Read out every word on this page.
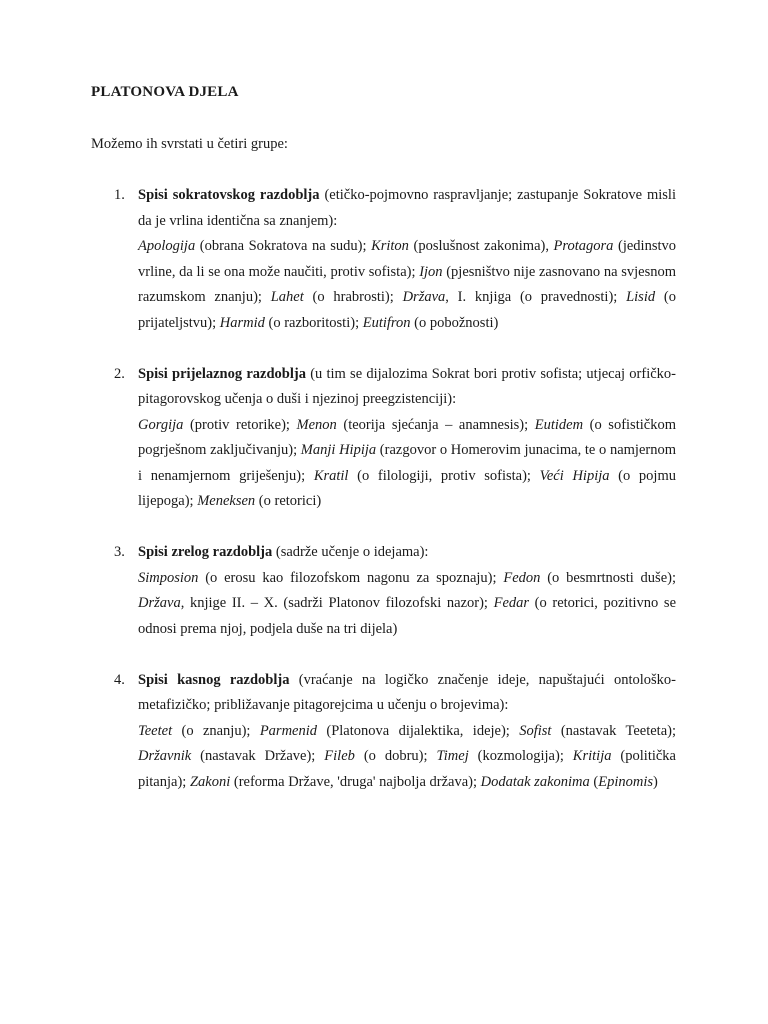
PLATONOVA DJELA

Možemo ih svrstati u četiri grupe:

1. Spisi sokratovskog razdoblja (etičko-pojmovno raspravljanje; zastupanje Sokratove misli da je vrlina identična sa znanjem):

Apologija (obrana Sokratova na sudu); Kriton (poslušnost zakonima), Protagora (jedinstvo vrline, da li se ona može naučiti, protiv sofista); Ijon (pjesništvo nije zasnovano na svjesnom razumskom znanju); Lahet (o hrabrosti); Država, I. knjiga (o pravednosti); Lisid (o prijateljstvu); Harmid (o razboritosti); Eutifron (o pobožnosti)

2. Spisi prijelaznog razdoblja (u tim se dijalozima Sokrat bori protiv sofista; utjecaj orfičko-pitagorovskog učenja o duši i njezinoj preegzistenciji):

Gorgija (protiv retorike); Menon (teorija sjećanja – anamnesis); Eutidem (o sofističkom pogrješnom zaključivanju); Manji Hipija (razgovor o Homerovim junacima, te o namjernom i nenamjernom griješenju); Kratil (o filologiji, protiv sofista); Veći Hipija (o pojmu lijepoga); Meneksen (o retorici)

3. Spisi zrelog razdoblja (sadrže učenje o idejama):

Simposion (o erosu kao filozofskom nagonu za spoznaju); Fedon (o besmrtnosti duše); Država, knjige II. – X. (sadrži Platonov filozofski nazor); Fedar (o retorici, pozitivno se odnosi prema njoj, podjela duše na tri dijela)

4. Spisi kasnog razdoblja (vraćanje na logičko značenje ideje, napuštajući ontološko-metafizičko; približavanje pitagorejcima u učenju o brojevima):

Teetet (o znanju); Parmenid (Platonova dijalektika, ideje); Sofist (nastavak Teeteta); Državnik (nastavak Države); Fileb (o dobru); Timej (kozmologija); Kritija (politička pitanja); Zakoni (reforma Države, 'druga' najbolja država); Dodatak zakonima (Epinomis)
